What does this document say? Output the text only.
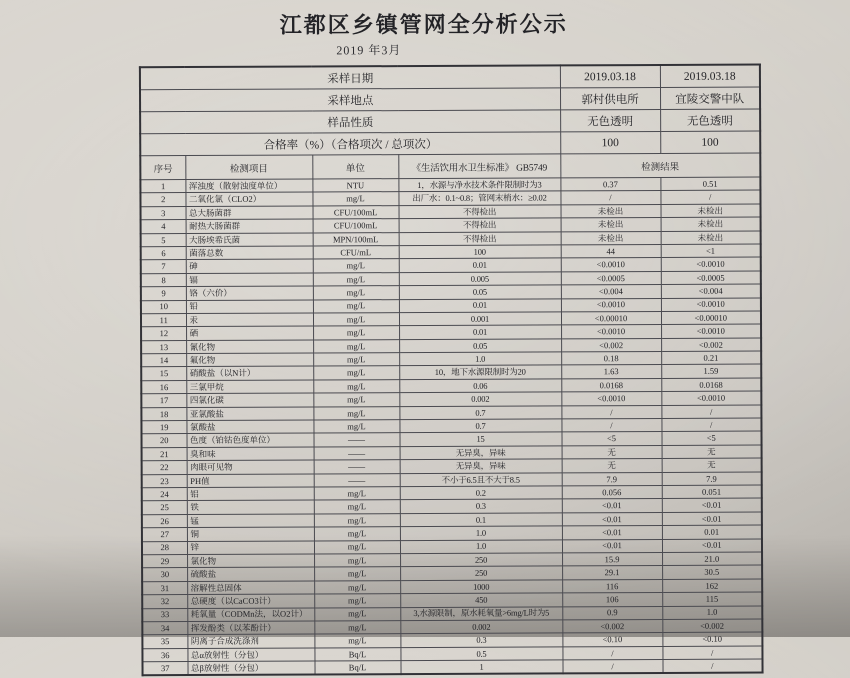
江都区乡镇管网全分析公示
2019 年3月
采样日期				2019.03.18	2019.03.18
采样地点				郭村供电所	宜陵交警中队
样品性质				无色透明	无色透明
合格率（%）（合格项次 / 总项次）				100	100
序号	检测项目	单位	《生活饮用水卫生标准》 GB5749	检测结果	
1	浑浊度（散射浊度单位）	NTU	1，水源与净水技术条件限制时为3	0.37	0.51
2	二氧化氯（CLO2）	mg/L	出厂水：0.1~0.8；管网末梢水：≥0.02	/	/
3	总大肠菌群	CFU/100mL	不得检出	未检出	未检出
4	耐热大肠菌群	CFU/100mL	不得检出	未检出	未检出
5	大肠埃希氏菌	MPN/100mL	不得检出	未检出	未检出
6	菌落总数	CFU/mL	100	44	<1
7	砷	mg/L	0.01	<0.0010	<0.0010
8	镉	mg/L	0.005	<0.0005	<0.0005
9	铬（六价）	mg/L	0.05	<0.004	<0.004
10	铅	mg/L	0.01	<0.0010	<0.0010
11	汞	mg/L	0.001	<0.00010	<0.00010
12	硒	mg/L	0.01	<0.0010	<0.0010
13	氰化物	mg/L	0.05	<0.002	<0.002
14	氟化物	mg/L	1.0	0.18	0.21
15	硝酸盐（以N计）	mg/L	10，地下水源限制时为20	1.63	1.59
16	三氯甲烷	mg/L	0.06	0.0168	0.0168
17	四氯化碳	mg/L	0.002	<0.0010	<0.0010
18	亚氯酸盐	mg/L	0.7	/	/
19	氯酸盐	mg/L	0.7	/	/
20	色度（铂钴色度单位）	——	15	<5	<5
21	臭和味	——	无异臭，异味	无	无
22	肉眼可见物	——	无异臭，异味	无	无
23	PH值	——	不小于6.5且不大于8.5	7.9	7.9
24	铝	mg/L	0.2	0.056	0.051
25	铁	mg/L	0.3	<0.01	<0.01
26	锰	mg/L	0.1	<0.01	<0.01
27	铜	mg/L	1.0	<0.01	0.01
28	锌	mg/L	1.0	<0.01	<0.01
29	氯化物	mg/L	250	15.9	21.0
30	硫酸盐	mg/L	250	29.1	30.5
31	溶解性总固体	mg/L	1000	116	162
32	总硬度（以CaCO3计）	mg/L	450	106	115
33	耗氧量（CODMn法，以O2计）	mg/L	3,水源限制，原水耗氧量>6mg/L时为5	0.9	1.0
34	挥发酚类（以苯酚计）	mg/L	0.002	<0.002	<0.002
35	阴离子合成洗涤剂	mg/L	0.3	<0.10	<0.10
36	总α放射性（分包）	Bq/L	0.5	/	/
37	总β放射性（分包）	Bq/L	1	/	/
